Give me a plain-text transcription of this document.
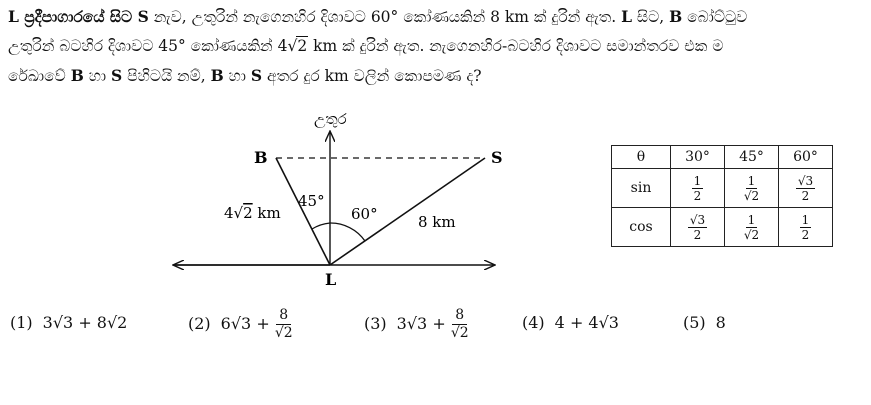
L ප්‍රදීපාගාරයේ සිට S නැව, උතුරින් නැගෙනහිර දිශාවට 60° කෝණයකින් 8 km ක් දුරින් ඇත. L සිට, B බෝට්ටුව

උතුරින් බටහිර දිශාවට 45° කෝණයකින් 4√2 km ක් දුරින් ඇත. නැගෙනහිර-බටහිර දිශාවට සමාන්තරව එක ම

රේඛාවේ B හා S පිහිටයි නම්, B හා S අතර දුර km වලින් කොපමණ ද?

උතුර
B	S
L
45°
60°
4√2 km	8 km
θ	30°	45°	60°
sin	$\frac{1}{2}$	$\frac{1}{√2}$	$\frac{√3}{2}$

cos	$\frac{√3}{2}$	$\frac{1}{√2}$	$\frac{1}{2}$
(1) 3√3 + 8√2	(2) $6√3 + \frac{8}{√2}$	(3) $3√3 + \frac{8}{√2}$	(4) 4 + 4√3	(5) 8
